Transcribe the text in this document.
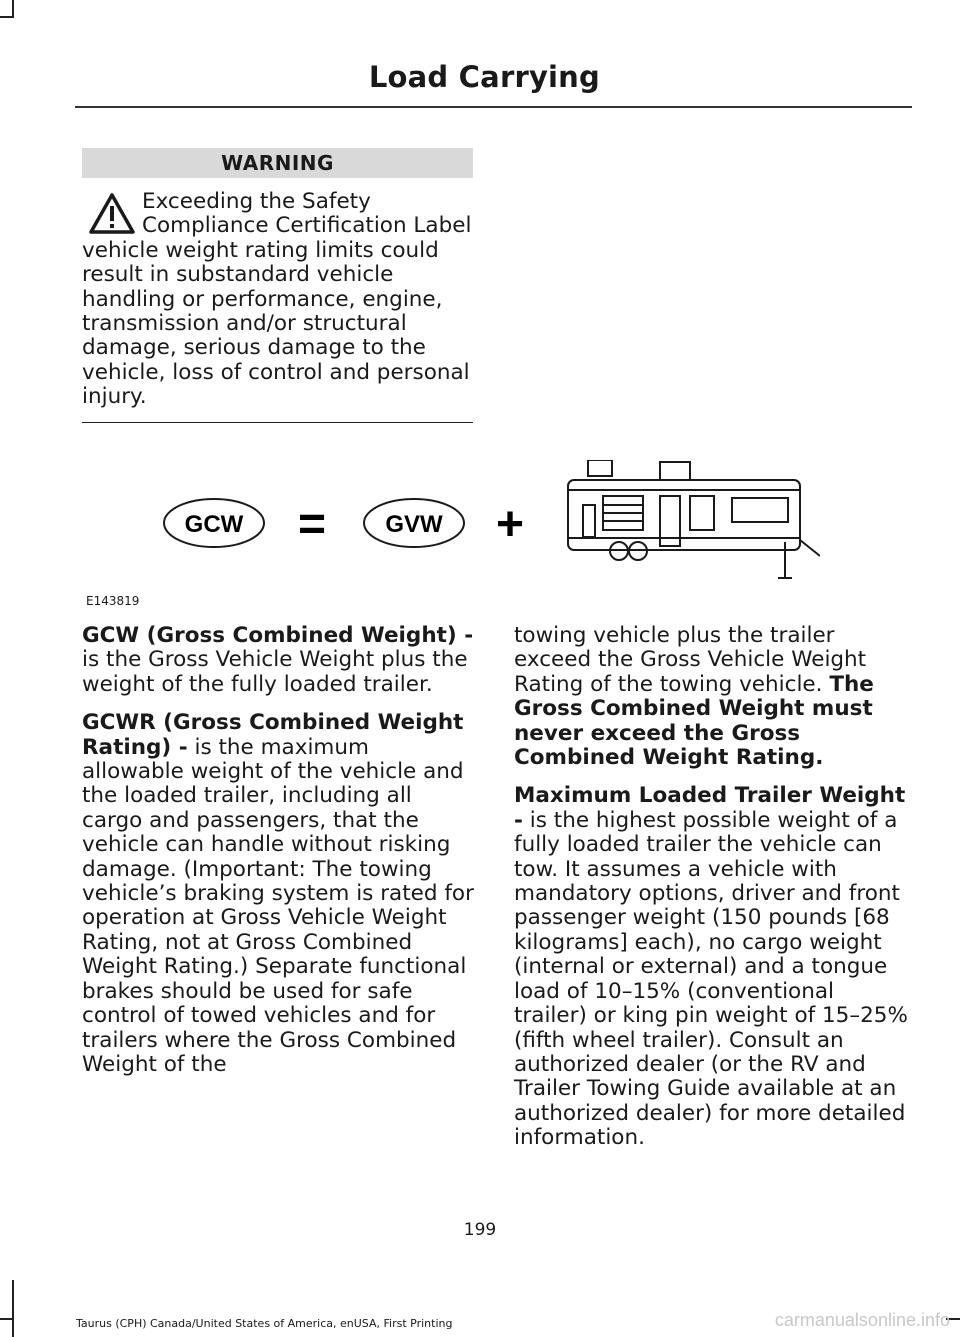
Load Carrying
WARNING
Exceeding the Safety Compliance Certification Label vehicle weight rating limits could result in substandard vehicle handling or performance, engine, transmission and/or structural damage, serious damage to the vehicle, loss of control and personal injury.
GCW = GVW +
E143819

GCW (Gross Combined Weight) - is the Gross Vehicle Weight plus the weight of the fully loaded trailer.

GCWR (Gross Combined Weight Rating) - is the maximum allowable weight of the vehicle and the loaded trailer, including all cargo and passengers, that the vehicle can handle without risking damage. (Important: The towing vehicle’s braking system is rated for operation at Gross Vehicle Weight Rating, not at Gross Combined Weight Rating.) Separate functional brakes should be used for safe control of towed vehicles and for trailers where the Gross Combined Weight of the

towing vehicle plus the trailer exceed the Gross Vehicle Weight Rating of the towing vehicle. The Gross Combined Weight must never exceed the Gross Combined Weight Rating.

Maximum Loaded Trailer Weight - is the highest possible weight of a fully loaded trailer the vehicle can tow. It assumes a vehicle with mandatory options, driver and front passenger weight (150 pounds [68 kilograms] each), no cargo weight (internal or external) and a tongue load of 10–15% (conventional trailer) or king pin weight of 15–25% (fifth wheel trailer). Consult an authorized dealer (or the RV and Trailer Towing Guide available at an authorized dealer) for more detailed information.

199
Taurus (CPH) Canada/United States of America, enUSA, First Printing	carmanualsonline.info
